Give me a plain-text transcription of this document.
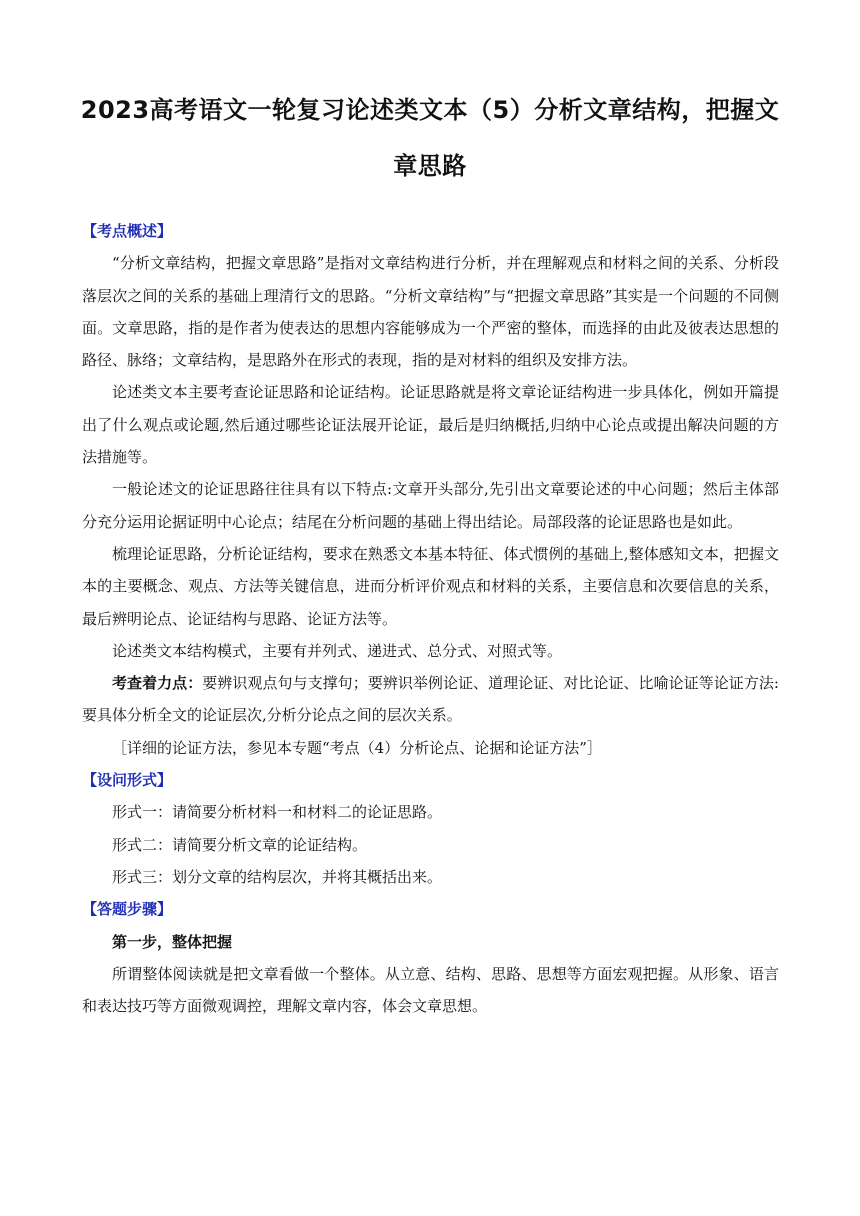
2023高考语文一轮复习论述类文本（5）分析文章结构，把握文章思路

【考点概述】

“分析文章结构，把握文章思路”是指对文章结构进行分析，并在理解观点和材料之间的关系、分析段落层次之间的关系的基础上理清行文的思路。“分析文章结构”与“把握文章思路”其实是一个问题的不同侧面。文章思路，指的是作者为使表达的思想内容能够成为一个严密的整体，而选择的由此及彼表达思想的路径、脉络；文章结构，是思路外在形式的表现，指的是对材料的组织及安排方法。

论述类文本主要考查论证思路和论证结构。论证思路就是将文章论证结构进一步具体化，例如开篇提出了什么观点或论题,然后通过哪些论证法展开论证，最后是归纳概括,归纳中心论点或提出解决问题的方法措施等。

一般论述文的论证思路往往具有以下特点:文章开头部分,先引出文章要论述的中心问题；然后主体部分充分运用论据证明中心论点；结尾在分析问题的基础上得出结论。局部段落的论证思路也是如此。

梳理论证思路，分析论证结构，要求在熟悉文本基本特征、体式惯例的基础上,整体感知文本，把握文本的主要概念、观点、方法等关键信息，进而分析评价观点和材料的关系，主要信息和次要信息的关系，最后辨明论点、论证结构与思路、论证方法等。

论述类文本结构模式，主要有并列式、递进式、总分式、对照式等。

考查着力点：要辨识观点句与支撑句；要辨识举例论证、道理论证、对比论证、比喻论证等论证方法:要具体分析全文的论证层次,分析分论点之间的层次关系。

［详细的论证方法，参见本专题“考点（4）分析论点、论据和论证方法”］

【设问形式】

形式一：请简要分析材料一和材料二的论证思路。

形式二：请简要分析文章的论证结构。

形式三：划分文章的结构层次，并将其概括出来。

【答题步骤】

第一步，整体把握

所谓整体阅读就是把文章看做一个整体。从立意、结构、思路、思想等方面宏观把握。从形象、语言和表达技巧等方面微观调控，理解文章内容，体会文章思想。
